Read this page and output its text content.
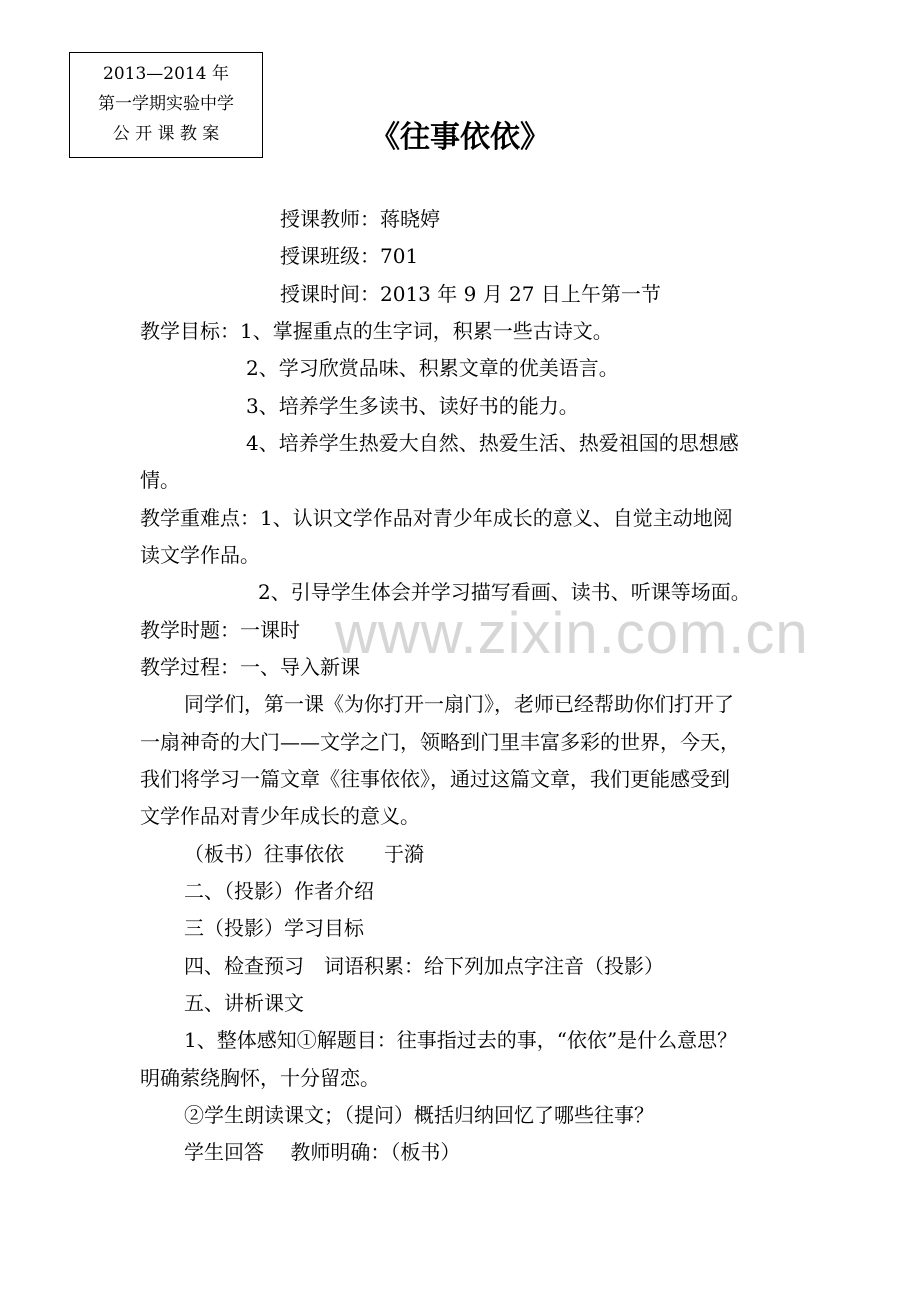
2013—2014 年
第一学期实验中学
公 开 课 教 案	《往事依依》
授课教师：蒋晓婷
授课班级：701
授课时间：2013 年 9 月 27 日上午第一节
教学目标：1、掌握重点的生字词，积累一些古诗文。
2、学习欣赏品味、积累文章的优美语言。
3、培养学生多读书、读好书的能力。
4、培养学生热爱大自然、热爱生活、热爱祖国的思想感
情。
教学重难点：1、认识文学作品对青少年成长的意义、自觉主动地阅
读文学作品。
2、引导学生体会并学习描写看画、读书、听课等场面。
教学时题：一课时
教学过程：一、导入新课
同学们，第一课《为你打开一扇门》，老师已经帮助你们打开了
一扇神奇的大门——文学之门，领略到门里丰富多彩的世界，今天，
我们将学习一篇文章《往事依依》，通过这篇文章，我们更能感受到
文学作品对青少年成长的意义。
（板书）往事依依　　于漪
二、（投影）作者介绍
三（投影）学习目标
四、检查预习　词语积累：给下列加点字注音（投影）
五、讲析课文
1、整体感知①解题目：往事指过去的事，“依依”是什么意思？
明确萦绕胸怀，十分留恋。
②学生朗读课文；（提问）概括归纳回忆了哪些往事？
学生回答　 教师明确：（板书）
www.zixin.com.cn
